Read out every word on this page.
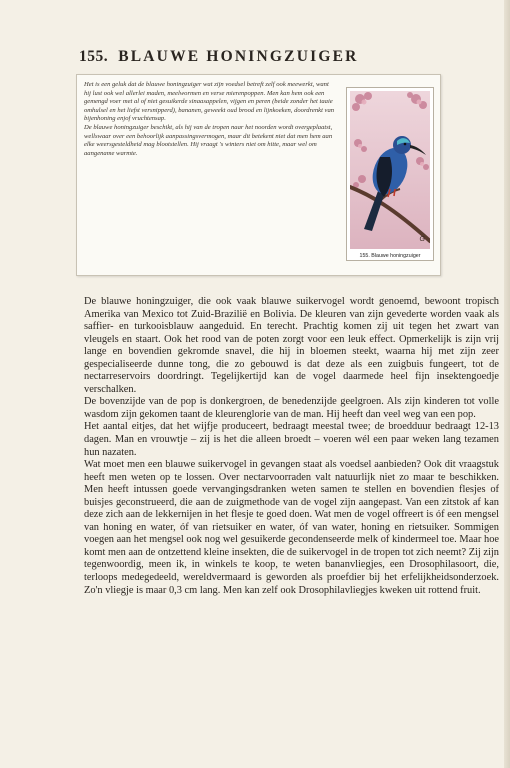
155. BLAUWE HONINGZUIGER

Het is een geluk dat de blauwe honingzuiger wat zijn voedsel betreft zelf ook meewerkt, want hij lust ook wel allerlei maden, meelwormen en verse mierenpoppen. Men kan hem ook een gemengd voer met al of niet gesuikerde sinaasappelen, vijgen en peren (beide zonder het taaie omhulsel en het liefst versnipperd), bananen, geweekt oud brood en lijnkoeken, doordrenkt van bijenhoning enjof vruchtensap.

De blauwe honingzuiger beschikt, als hij van de tropen naar het noorden wordt overgeplaatst, wellswaar over een behoorlijk aanpassingsvermogen, maar dit betekent niet dat men hem aan elke weersgesteldheid mag blootstellen. Hij vraagt 's winters niet om hitte, maar wel om aangename warmte.

G
155. Blauwe honingzuiger

De blauwe honingzuiger, die ook vaak blauwe suikervogel wordt genoemd, bewoont tropisch Amerika van Mexico tot Zuid-Brazilië en Bolivia. De kleuren van zijn gevederte worden vaak als saffier- en turkooisblauw aangeduid. En terecht. Prachtig komen zij uit tegen het zwart van vleugels en staart. Ook het rood van de poten zorgt voor een leuk effect. Opmerkelijk is zijn vrij lange en bovendien gekromde snavel, die hij in bloemen steekt, waarna hij met zijn zeer gespecialiseerde dunne tong, die zo gebouwd is dat deze als een zuigbuis fungeert, tot de nectarreservoirs doordringt. Tegelijkertijd kan de vogel daarmede heel fijn insektengoedje verschalken.

De bovenzijde van de pop is donkergroen, de benedenzijde geelgroen. Als zijn kinderen tot volle wasdom zijn gekomen taant de kleurenglorie van de man. Hij heeft dan veel weg van een pop.

Het aantal eitjes, dat het wijfje produceert, bedraagt meestal twee; de broedduur bedraagt 12-13 dagen. Man en vrouwtje – zij is het die alleen broedt – voeren wél een paar weken lang tezamen hun nazaten.

Wat moet men een blauwe suikervogel in gevangen staat als voedsel aanbieden? Ook dit vraagstuk heeft men weten op te lossen. Over nectarvoorraden valt natuurlijk niet zo maar te beschikken. Men heeft intussen goede vervangingsdranken weten samen te stellen en bovendien flesjes of buisjes geconstrueerd, die aan de zuigmethode van de vogel zijn aangepast. Van een zitstok af kan deze zich aan de lekkernijen in het flesje te goed doen. Wat men de vogel offreert is óf een mengsel van honing en water, óf van rietsuiker en water, óf van water, honing en rietsuiker. Sommigen voegen aan het mengsel ook nog wel gesuikerde gecondenseerde melk of kindermeel toe. Maar hoe komt men aan de ontzettend kleine insekten, die de suikervogel in de tropen tot zich neemt? Zij zijn tegenwoordig, meen ik, in winkels te koop, te weten bananvliegjes, een Drosophilasoort, die, terloops medegedeeld, wereldvermaard is geworden als proefdier bij het erfelijkheidsonderzoek. Zo'n vliegje is maar 0,3 cm lang. Men kan zelf ook Drosophilavliegjes kweken uit rottend fruit.
